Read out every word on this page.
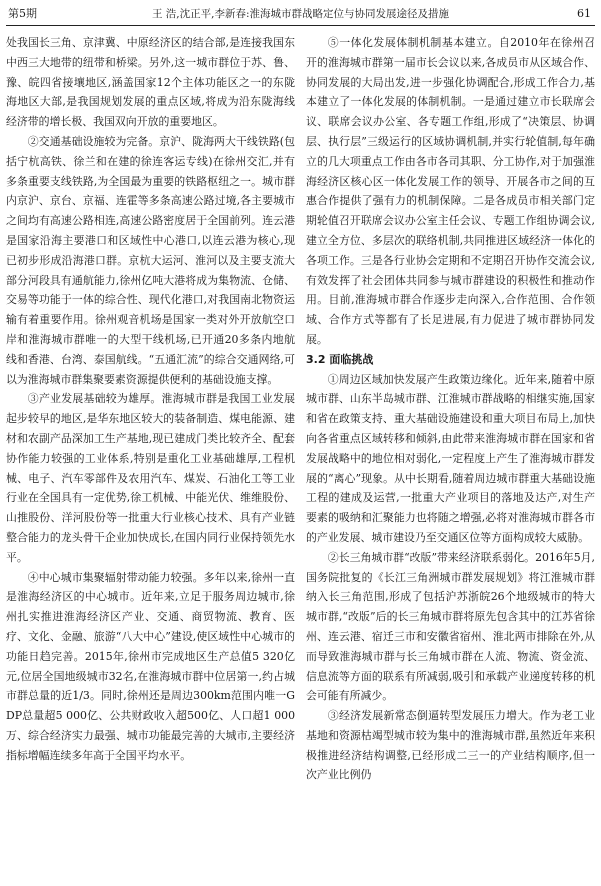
第5期	王 浩,沈正平,李新春:淮海城市群战略定位与协同发展途径及措施	61

处我国长三角、京津冀、中原经济区的结合部,是连接我国东中西三大地带的纽带和桥梁。另外,这一城市群位于苏、鲁、豫、皖四省接壤地区,涵盖国家12个主体功能区之一的东陇海地区大部,是我国规划发展的重点区域,将成为沿东陇海线经济带的增长极、我国双向开放的重要地区。

②交通基础设施较为完备。京沪、陇海两大干线铁路(包括宁杭高铁、徐兰和在建的徐连客运专线)在徐州交汇,并有多条重要支线铁路,为全国最为重要的铁路枢纽之一。城市群内京沪、京台、京福、连霍等多条高速公路过境,各主要城市之间均有高速公路相连,高速公路密度居于全国前列。连云港是国家沿海主要港口和区域性中心港口,以连云港为核心,现已初步形成沿海港口群。京杭大运河、淮河以及主要支流大部分河段具有通航能力,徐州亿吨大港将成为集物流、仓储、交易等功能于一体的综合性、现代化港口,对我国南北物资运输有着重要作用。徐州观音机场是国家一类对外开放航空口岸和淮海城市群唯一的大型干线机场,已开通20多条内地航线和香港、台湾、泰国航线。“五通汇流”的综合交通网络,可以为淮海城市群集聚要素资源提供便利的基础设施支撑。

③产业发展基础较为雄厚。淮海城市群是我国工业发展起步较早的地区,是华东地区较大的装备制造、煤电能源、建材和农副产品深加工生产基地,现已建成门类比较齐全、配套协作能力较强的工业体系,特别是重化工业基础雄厚,工程机械、电子、汽车零部件及农用汽车、煤炭、石油化工等工业行业在全国具有一定优势,徐工机械、中能光伏、维维股份、山推股份、洋河股份等一批重大行业核心技术、具有产业链整合能力的龙头骨干企业加快成长,在国内同行业保持领先水平。

④中心城市集聚辐射带动能力较强。多年以来,徐州一直是淮海经济区的中心城市。近年来,立足于服务周边城市,徐州扎实推进淮海经济区产业、交通、商贸物流、教育、医疗、文化、金融、旅游“八大中心”建设,使区域性中心城市的功能日趋完善。2015年,徐州市完成地区生产总值5 320亿元,位居全国地级城市32名,在淮海城市群中位居第一,约占城市群总量的近1/3。同时,徐州还是周边300km范围内唯一GDP总量超5 000亿、公共财政收入超500亿、人口超1 000万、综合经济实力最强、城市功能最完善的大城市,主要经济指标增幅连续多年高于全国平均水平。

⑤一体化发展体制机制基本建立。自2010年在徐州召开的淮海城市群第一届市长会议以来,各成员市从区域合作、协同发展的大局出发,进一步强化协调配合,形成工作合力,基本建立了一体化发展的体制机制。一是通过建立市长联席会议、联席会议办公室、各专题工作组,形成了“决策层、协调层、执行层”三级运行的区域协调机制,并实行轮值制,每年确立的几大项重点工作由各市各司其职、分工协作,对于加强淮海经济区核心区一体化发展工作的领导、开展各市之间的互惠合作提供了强有力的机制保障。二是各成员市相关部门定期轮值召开联席会议办公室主任会议、专题工作组协调会议,建立全方位、多层次的联络机制,共同推进区域经济一体化的各项工作。三是各行业协会定期和不定期召开协作交流会议,有效发挥了社会团体共同参与城市群建设的积极性和推动作用。目前,淮海城市群合作逐步走向深入,合作范围、合作领域、合作方式等都有了长足进展,有力促进了城市群协同发展。

3.2 面临挑战

①周边区域加快发展产生政策边缘化。近年来,随着中原城市群、山东半岛城市群、江淮城市群战略的相继实施,国家和省在政策支持、重大基础设施建设和重大项目布局上,加快向各省重点区域转移和倾斜,由此带来淮海城市群在国家和省发展战略中的地位相对弱化,一定程度上产生了淮海城市群发展的“离心”现象。从中长期看,随着周边城市群重大基础设施工程的建成及运营,一批重大产业项目的落地及达产,对生产要素的吸纳和汇聚能力也将随之增强,必将对淮海城市群各市的产业发展、城市建设乃至交通区位等方面构成较大威胁。

②长三角城市群“改版”带来经济联系弱化。2016年5月,国务院批复的《长江三角洲城市群发展规划》将江淮城市群纳入长三角范围,形成了包括沪苏浙皖26个地级城市的特大城市群,“改版”后的长三角城市群将原先包含其中的江苏省徐州、连云港、宿迁三市和安徽省宿州、淮北两市排除在外,从而导致淮海城市群与长三角城市群在人流、物流、资金流、信息流等方面的联系有所减弱,吸引和承载产业递度转移的机会可能有所减少。

③经济发展新常态倒逼转型发展压力增大。作为老工业基地和资源枯竭型城市较为集中的淮海城市群,虽然近年来积极推进经济结构调整,已经形成二三一的产业结构顺序,但一次产业比例仍
